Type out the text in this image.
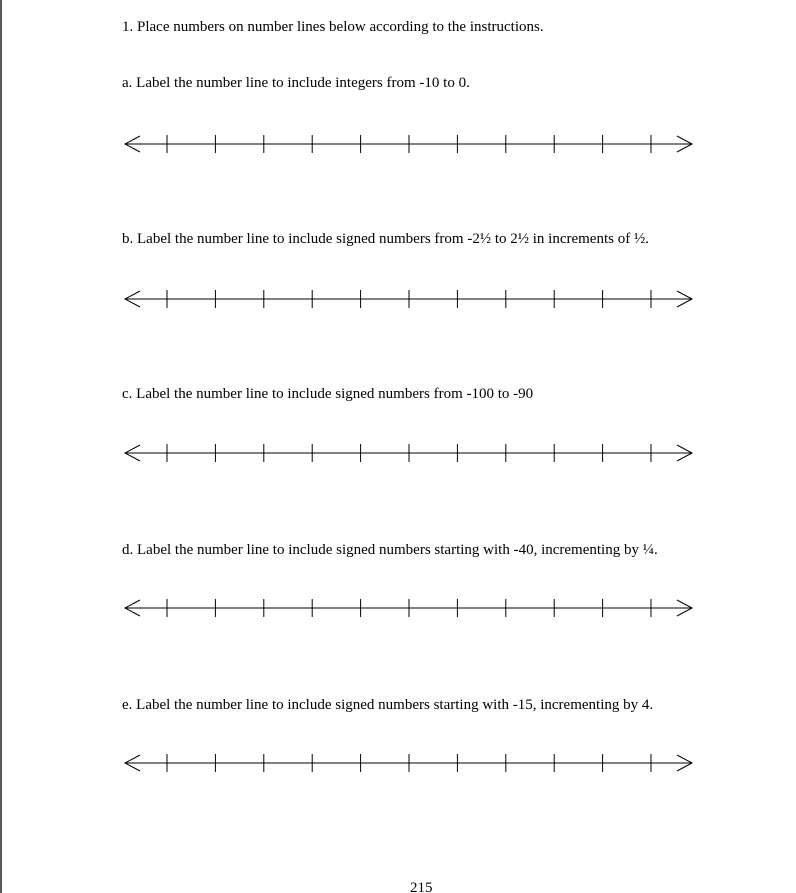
1. Place numbers on number lines below according to the instructions.
a. Label the number line to include integers from -10 to 0.
b. Label the number line to include signed numbers from -2½ to 2½ in increments of ½.
c. Label the number line to include signed numbers from -100 to -90
d. Label the number line to include signed numbers starting with -40, incrementing by ¼.
e. Label the number line to include signed numbers starting with -15, incrementing by 4.
215
